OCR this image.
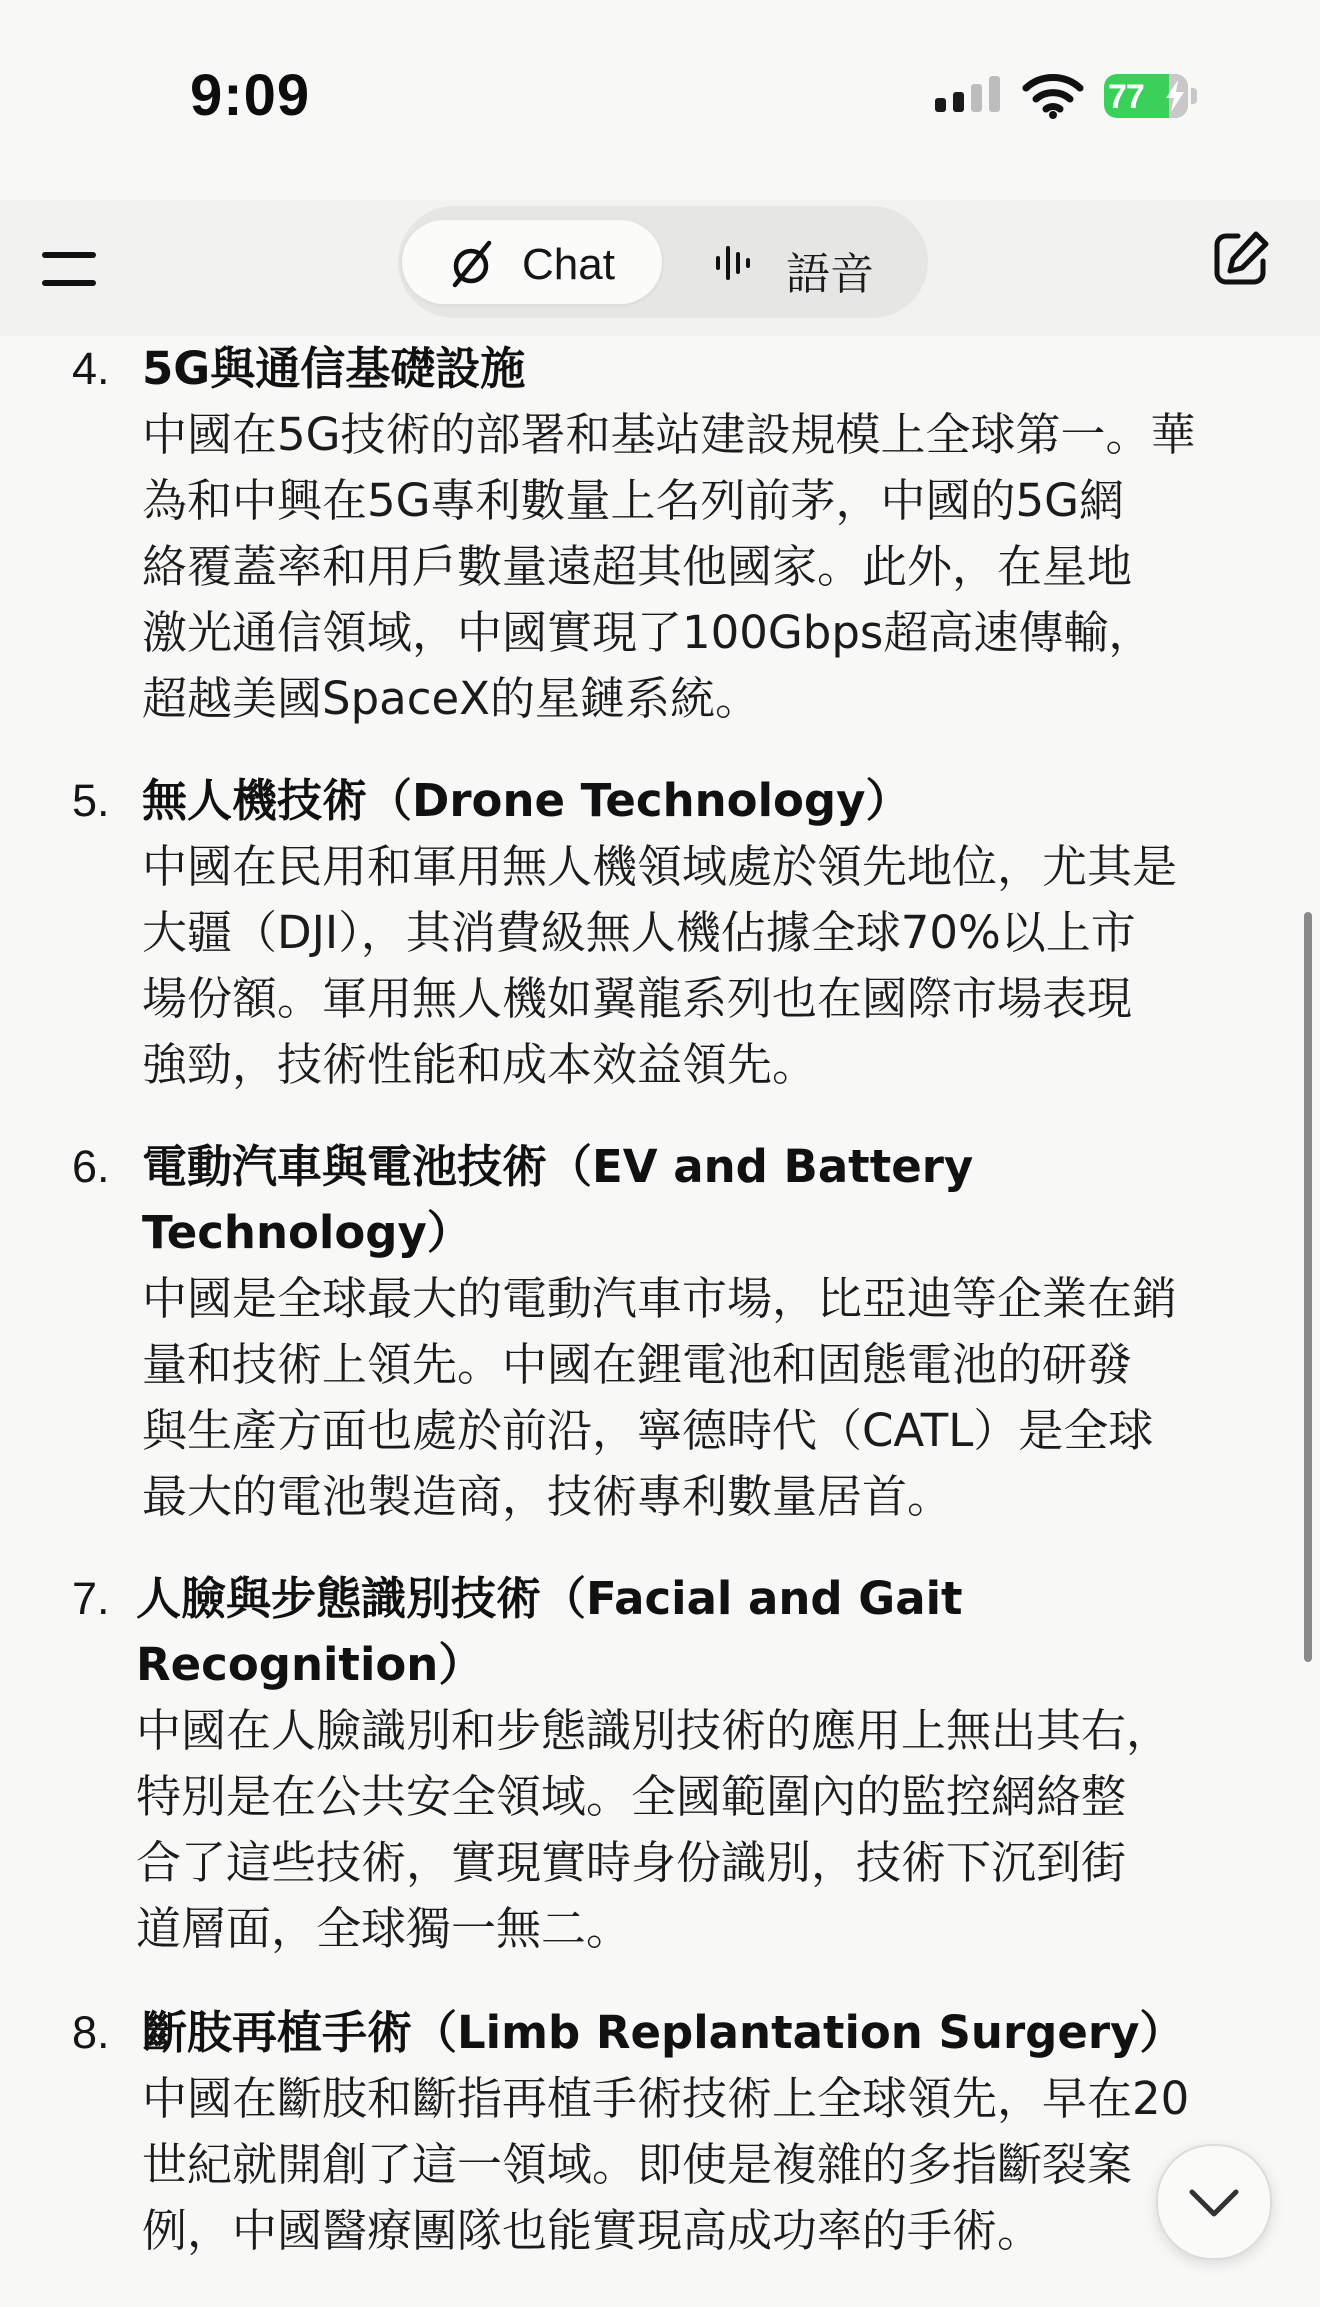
9:09	77
Chat	語音
4. 5G與通信基礎設施
中國在5G技術的部署和基站建設規模上全球第一。華
為和中興在5G專利數量上名列前茅，中國的5G網
絡覆蓋率和用戶數量遠超其他國家。此外，在星地
激光通信領域，中國實現了100Gbps超高速傳輸，
超越美國SpaceX的星鏈系統。
5. 無人機技術（Drone Technology）
中國在民用和軍用無人機領域處於領先地位，尤其是
大疆（DJI），其消費級無人機佔據全球70%以上市
場份額。軍用無人機如翼龍系列也在國際市場表現
強勁，技術性能和成本效益領先。
6. 電動汽車與電池技術（EV and Battery
Technology）
中國是全球最大的電動汽車市場，比亞迪等企業在銷
量和技術上領先。中國在鋰電池和固態電池的研發
與生產方面也處於前沿，寧德時代（CATL）是全球
最大的電池製造商，技術專利數量居首。
7. 人臉與步態識別技術（Facial and Gait
Recognition）
中國在人臉識別和步態識別技術的應用上無出其右，
特別是在公共安全領域。全國範圍內的監控網絡整
合了這些技術，實現實時身份識別，技術下沉到街
道層面，全球獨一無二。
8. 斷肢再植手術（Limb Replantation Surgery）
中國在斷肢和斷指再植手術技術上全球領先，早在20
世紀就開創了這一領域。即使是複雜的多指斷裂案
例，中國醫療團隊也能實現高成功率的手術。
